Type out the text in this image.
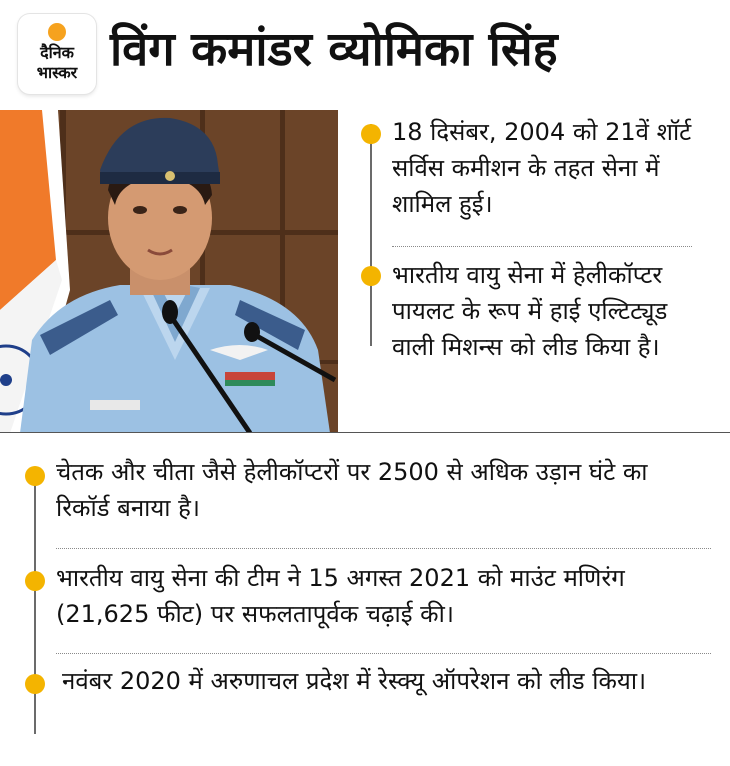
दैनिक
भास्कर विंग कमांडर व्योमिका सिंह
18 दिसंबर, 2004 को 21वें शॉर्ट सर्विस कमीशन के तहत सेना में शामिल हुई।
भारतीय वायु सेना में हेलीकॉप्टर पायलट के रूप में हाई एल्टिट्यूड वाली मिशन्स को लीड किया है।
चेतक और चीता जैसे हेलीकॉप्टरों पर 2500 से अधिक उड़ान घंटे का रिकॉर्ड बनाया है।
भारतीय वायु सेना की टीम ने 15 अगस्त 2021 को माउंट मणिरंग (21,625 फीट) पर सफलतापूर्वक चढ़ाई की।
नवंबर 2020 में अरुणाचल प्रदेश में रेस्क्यू ऑपरेशन को लीड किया।
